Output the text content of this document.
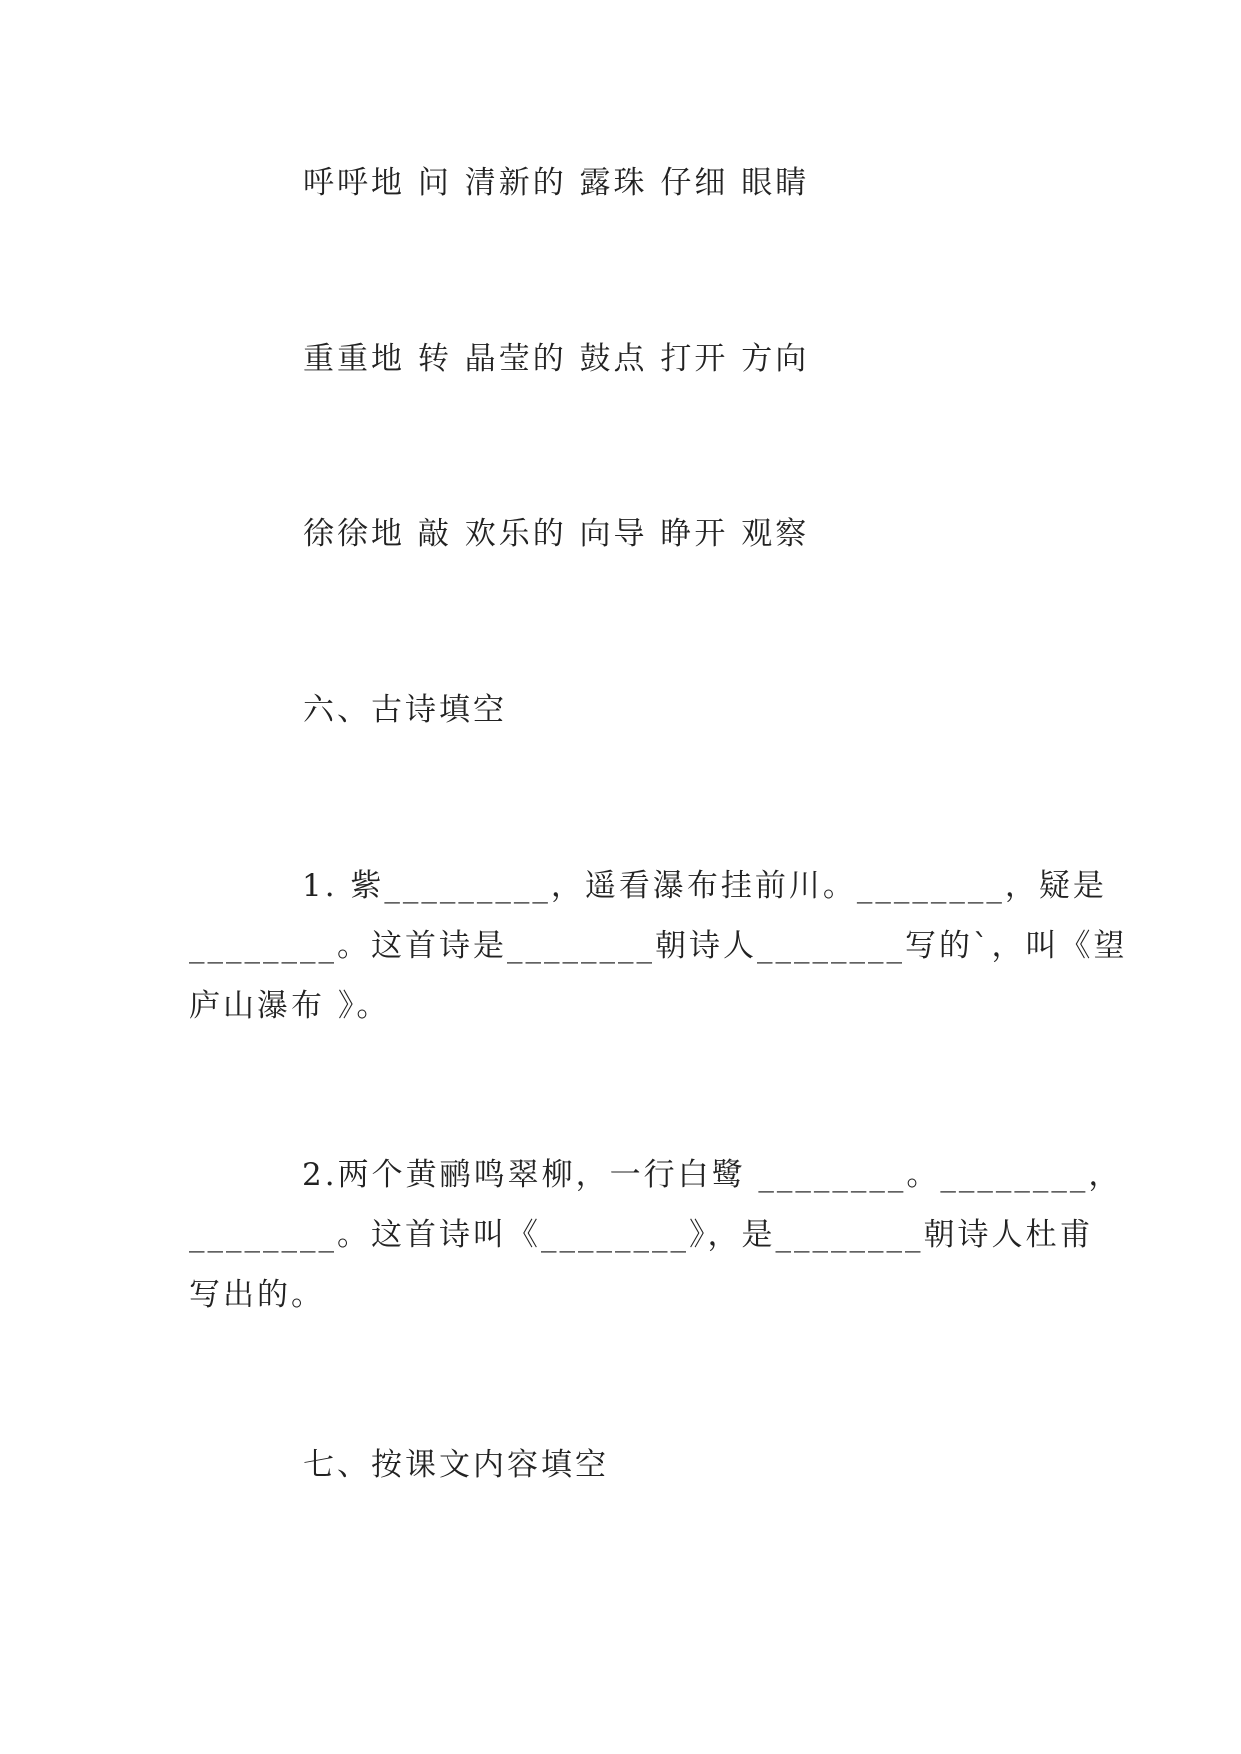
呼呼地 问 清新的 露珠 仔细 眼睛
重重地 转 晶莹的 鼓点 打开 方向
徐徐地 敲 欢乐的 向导 睁开 观察
六、古诗填空
1. 紫_________，遥看瀑布挂前川。________，疑是
________。这首诗是________朝诗人________写的`，叫《望
庐山瀑布 》。
2.两个黄鹂鸣翠柳，一行白鹭 ________。________，
________。这首诗叫《________》，是________朝诗人杜甫
写出的。
七、按课文内容填空
